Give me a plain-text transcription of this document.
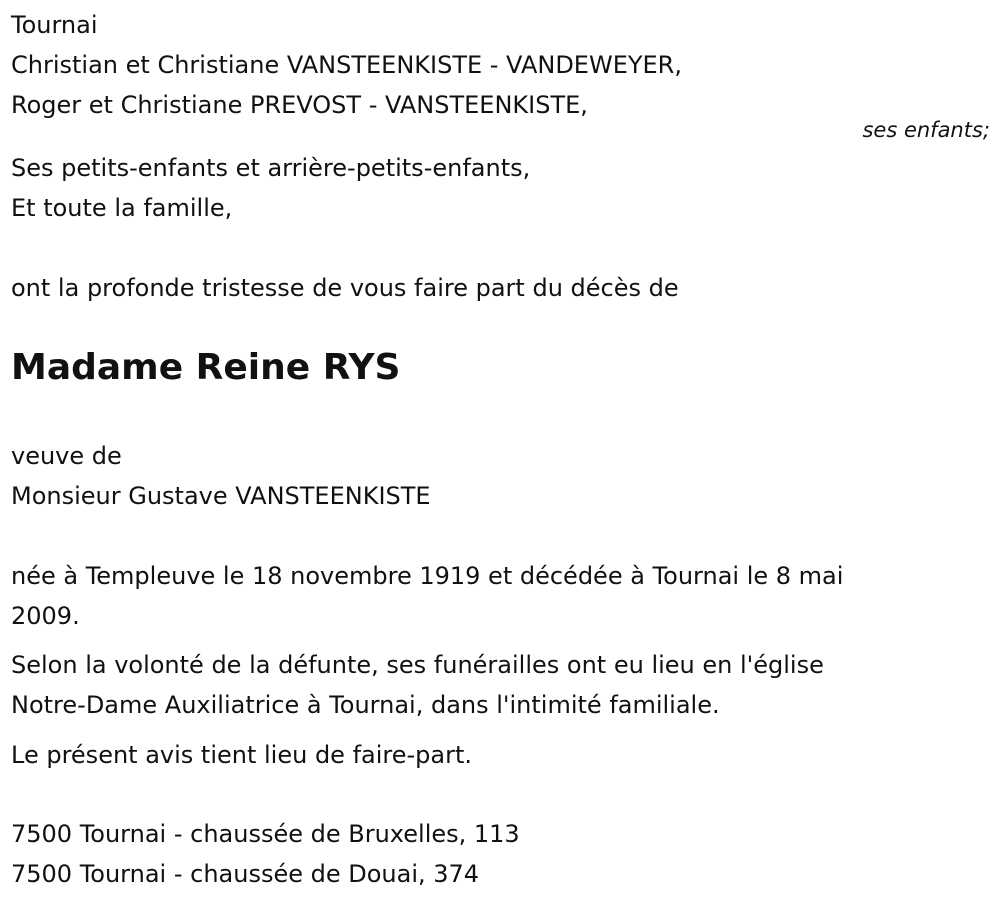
Tournai
Christian et Christiane VANSTEENKISTE - VANDEWEYER,
Roger et Christiane PREVOST - VANSTEENKISTE,
ses enfants;
Ses petits-enfants et arrière-petits-enfants,
Et toute la famille,
ont la profonde tristesse de vous faire part du décès de
Madame Reine RYS
veuve de
Monsieur Gustave VANSTEENKISTE
née à Templeuve le 18 novembre 1919 et décédée à Tournai le 8 mai
2009.
Selon la volonté de la défunte, ses funérailles ont eu lieu en l'église
Notre-Dame Auxiliatrice à Tournai, dans l'intimité familiale.
Le présent avis tient lieu de faire-part.
7500 Tournai - chaussée de Bruxelles, 113
7500 Tournai - chaussée de Douai, 374
